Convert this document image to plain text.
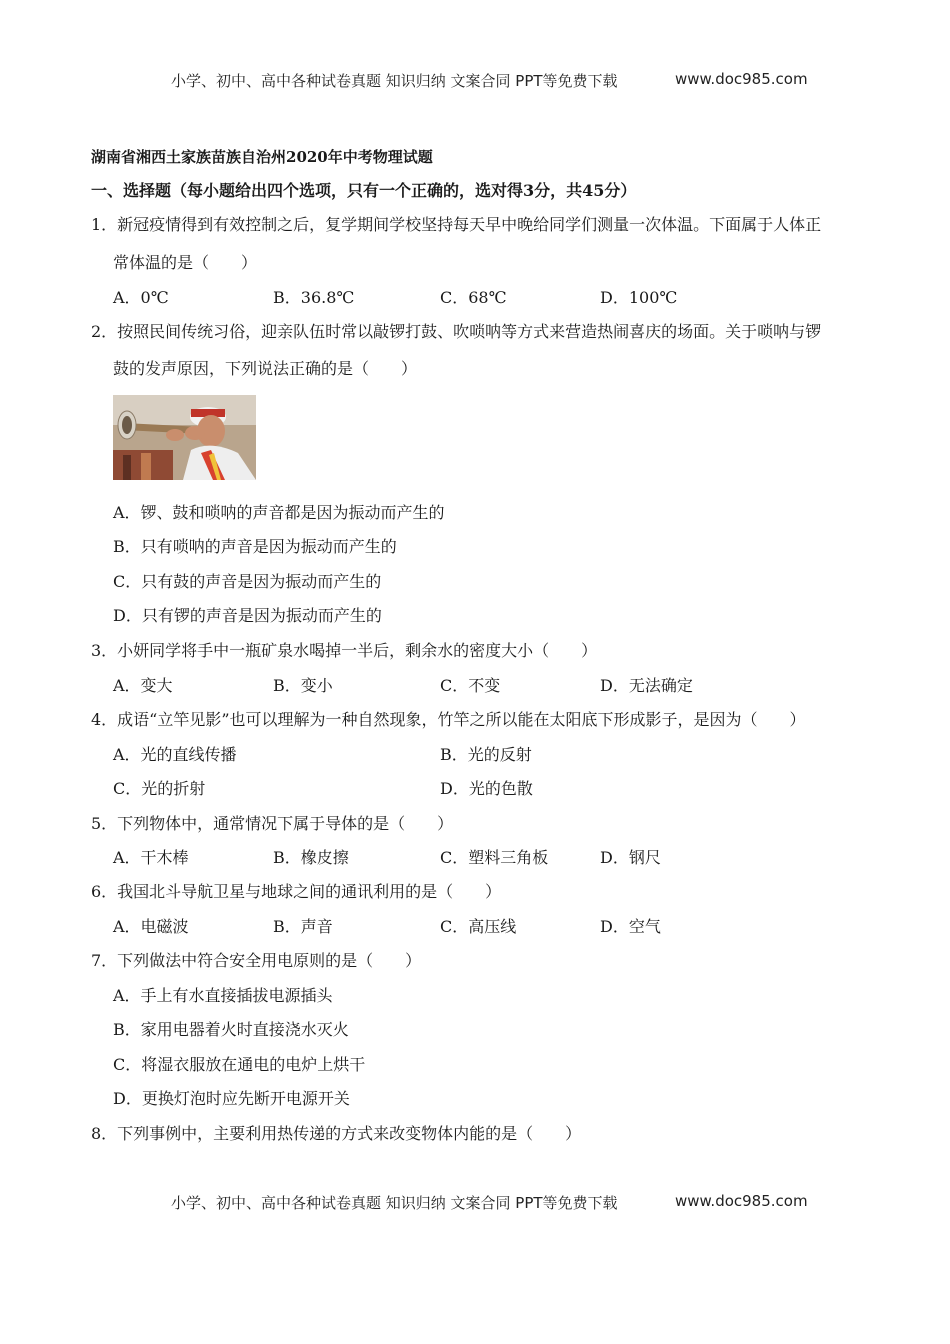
小学、初中、高中各种试卷真题 知识归纳 文案合同 PPT等免费下载	www.doc985.com
湖南省湘西土家族苗族自治州2020年中考物理试题
一、选择题（每小题给出四个选项，只有一个正确的，选对得3分，共45分）
1．新冠疫情得到有效控制之后，复学期间学校坚持每天早中晚给同学们测量一次体温。下面属于人体正
常体温的是（　　）
A．0℃	B．36.8℃	C．68℃	D．100℃
2．按照民间传统习俗，迎亲队伍时常以敲锣打鼓、吹唢呐等方式来营造热闹喜庆的场面。关于唢呐与锣
鼓的发声原因，下列说法正确的是（　　）
A．锣、鼓和唢呐的声音都是因为振动而产生的
B．只有唢呐的声音是因为振动而产生的
C．只有鼓的声音是因为振动而产生的
D．只有锣的声音是因为振动而产生的
3．小妍同学将手中一瓶矿泉水喝掉一半后，剩余水的密度大小（　　）
A．变大	B．变小	C．不变	D．无法确定
4．成语“立竿见影”也可以理解为一种自然现象，竹竿之所以能在太阳底下形成影子，是因为（　　）
A．光的直线传播	B．光的反射
C．光的折射	D．光的色散
5．下列物体中，通常情况下属于导体的是（　　）
A．干木棒	B．橡皮擦	C．塑料三角板	D．钢尺
6．我国北斗导航卫星与地球之间的通讯利用的是（　　）
A．电磁波	B．声音	C．高压线	D．空气
7．下列做法中符合安全用电原则的是（　　）
A．手上有水直接插拔电源插头
B．家用电器着火时直接浇水灭火
C．将湿衣服放在通电的电炉上烘干
D．更换灯泡时应先断开电源开关
8．下列事例中，主要利用热传递的方式来改变物体内能的是（　　）
小学、初中、高中各种试卷真题 知识归纳 文案合同 PPT等免费下载	www.doc985.com
